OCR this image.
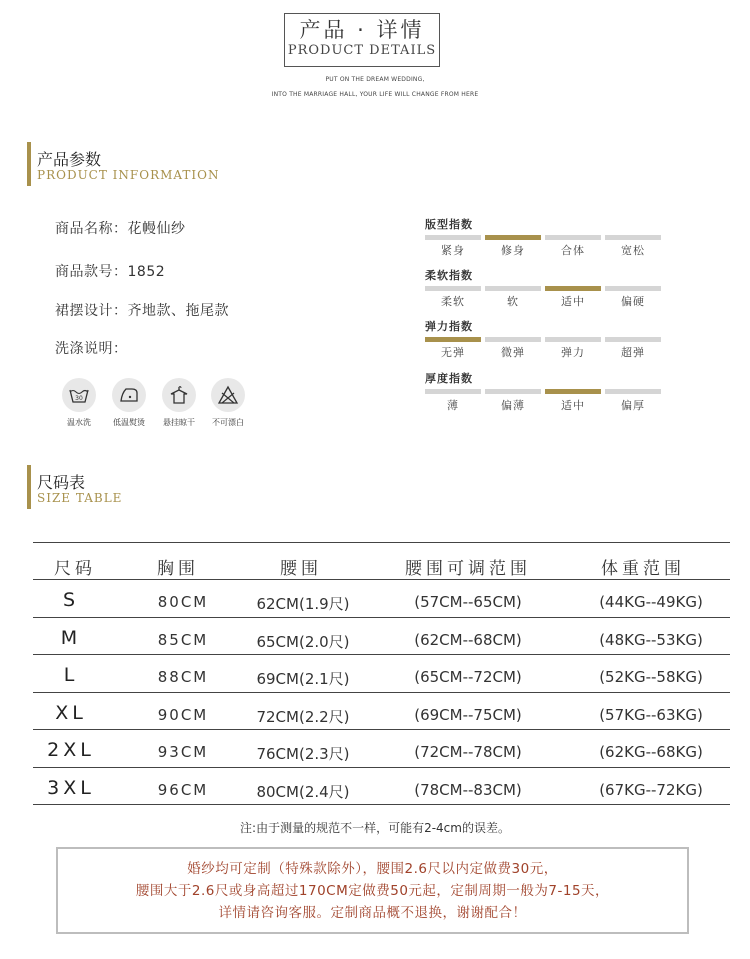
产品 · 详情
PRODUCT DETAILS
PUT ON THE DREAM WEDDING,
INTO THE MARRIAGE HALL, YOUR LIFE WILL CHANGE FROM HERE
产品参数
PRODUCT INFORMATION
商品名称：花幔仙纱
商品款号：1852
裙摆设计：齐地款、拖尾款
洗涤说明：
30
温水洗	低温熨烫	悬挂晾干	不可漂白
版型指数
紧身	修身	合体	宽松
柔软指数
柔软	软	适中	偏硬
弹力指数
无弹	微弹	弹力	超弹
厚度指数
薄	偏薄	适中	偏厚
尺码表
SIZE TABLE
尺码	胸围	腰围	腰围可调范围	体重范围
S	80CM	62CM(1.9尺)	(57CM--65CM)	(44KG--49KG)
M	85CM	65CM(2.0尺)	(62CM--68CM)	(48KG--53KG)
L	88CM	69CM(2.1尺)	(65CM--72CM)	(52KG--58KG)
XL	90CM	72CM(2.2尺)	(69CM--75CM)	(57KG--63KG)
2XL	93CM	76CM(2.3尺)	(72CM--78CM)	(62KG--68KG)
3XL	96CM	80CM(2.4尺)	(78CM--83CM)	(67KG--72KG)
注:由于测量的规范不一样，可能有2-4cm的误差。
婚纱均可定制（特殊款除外），腰围2.6尺以内定做费30元，
腰围大于2.6尺或身高超过170CM定做费50元起，定制周期一般为7-15天，
详情请咨询客服。定制商品概不退换，谢谢配合！
